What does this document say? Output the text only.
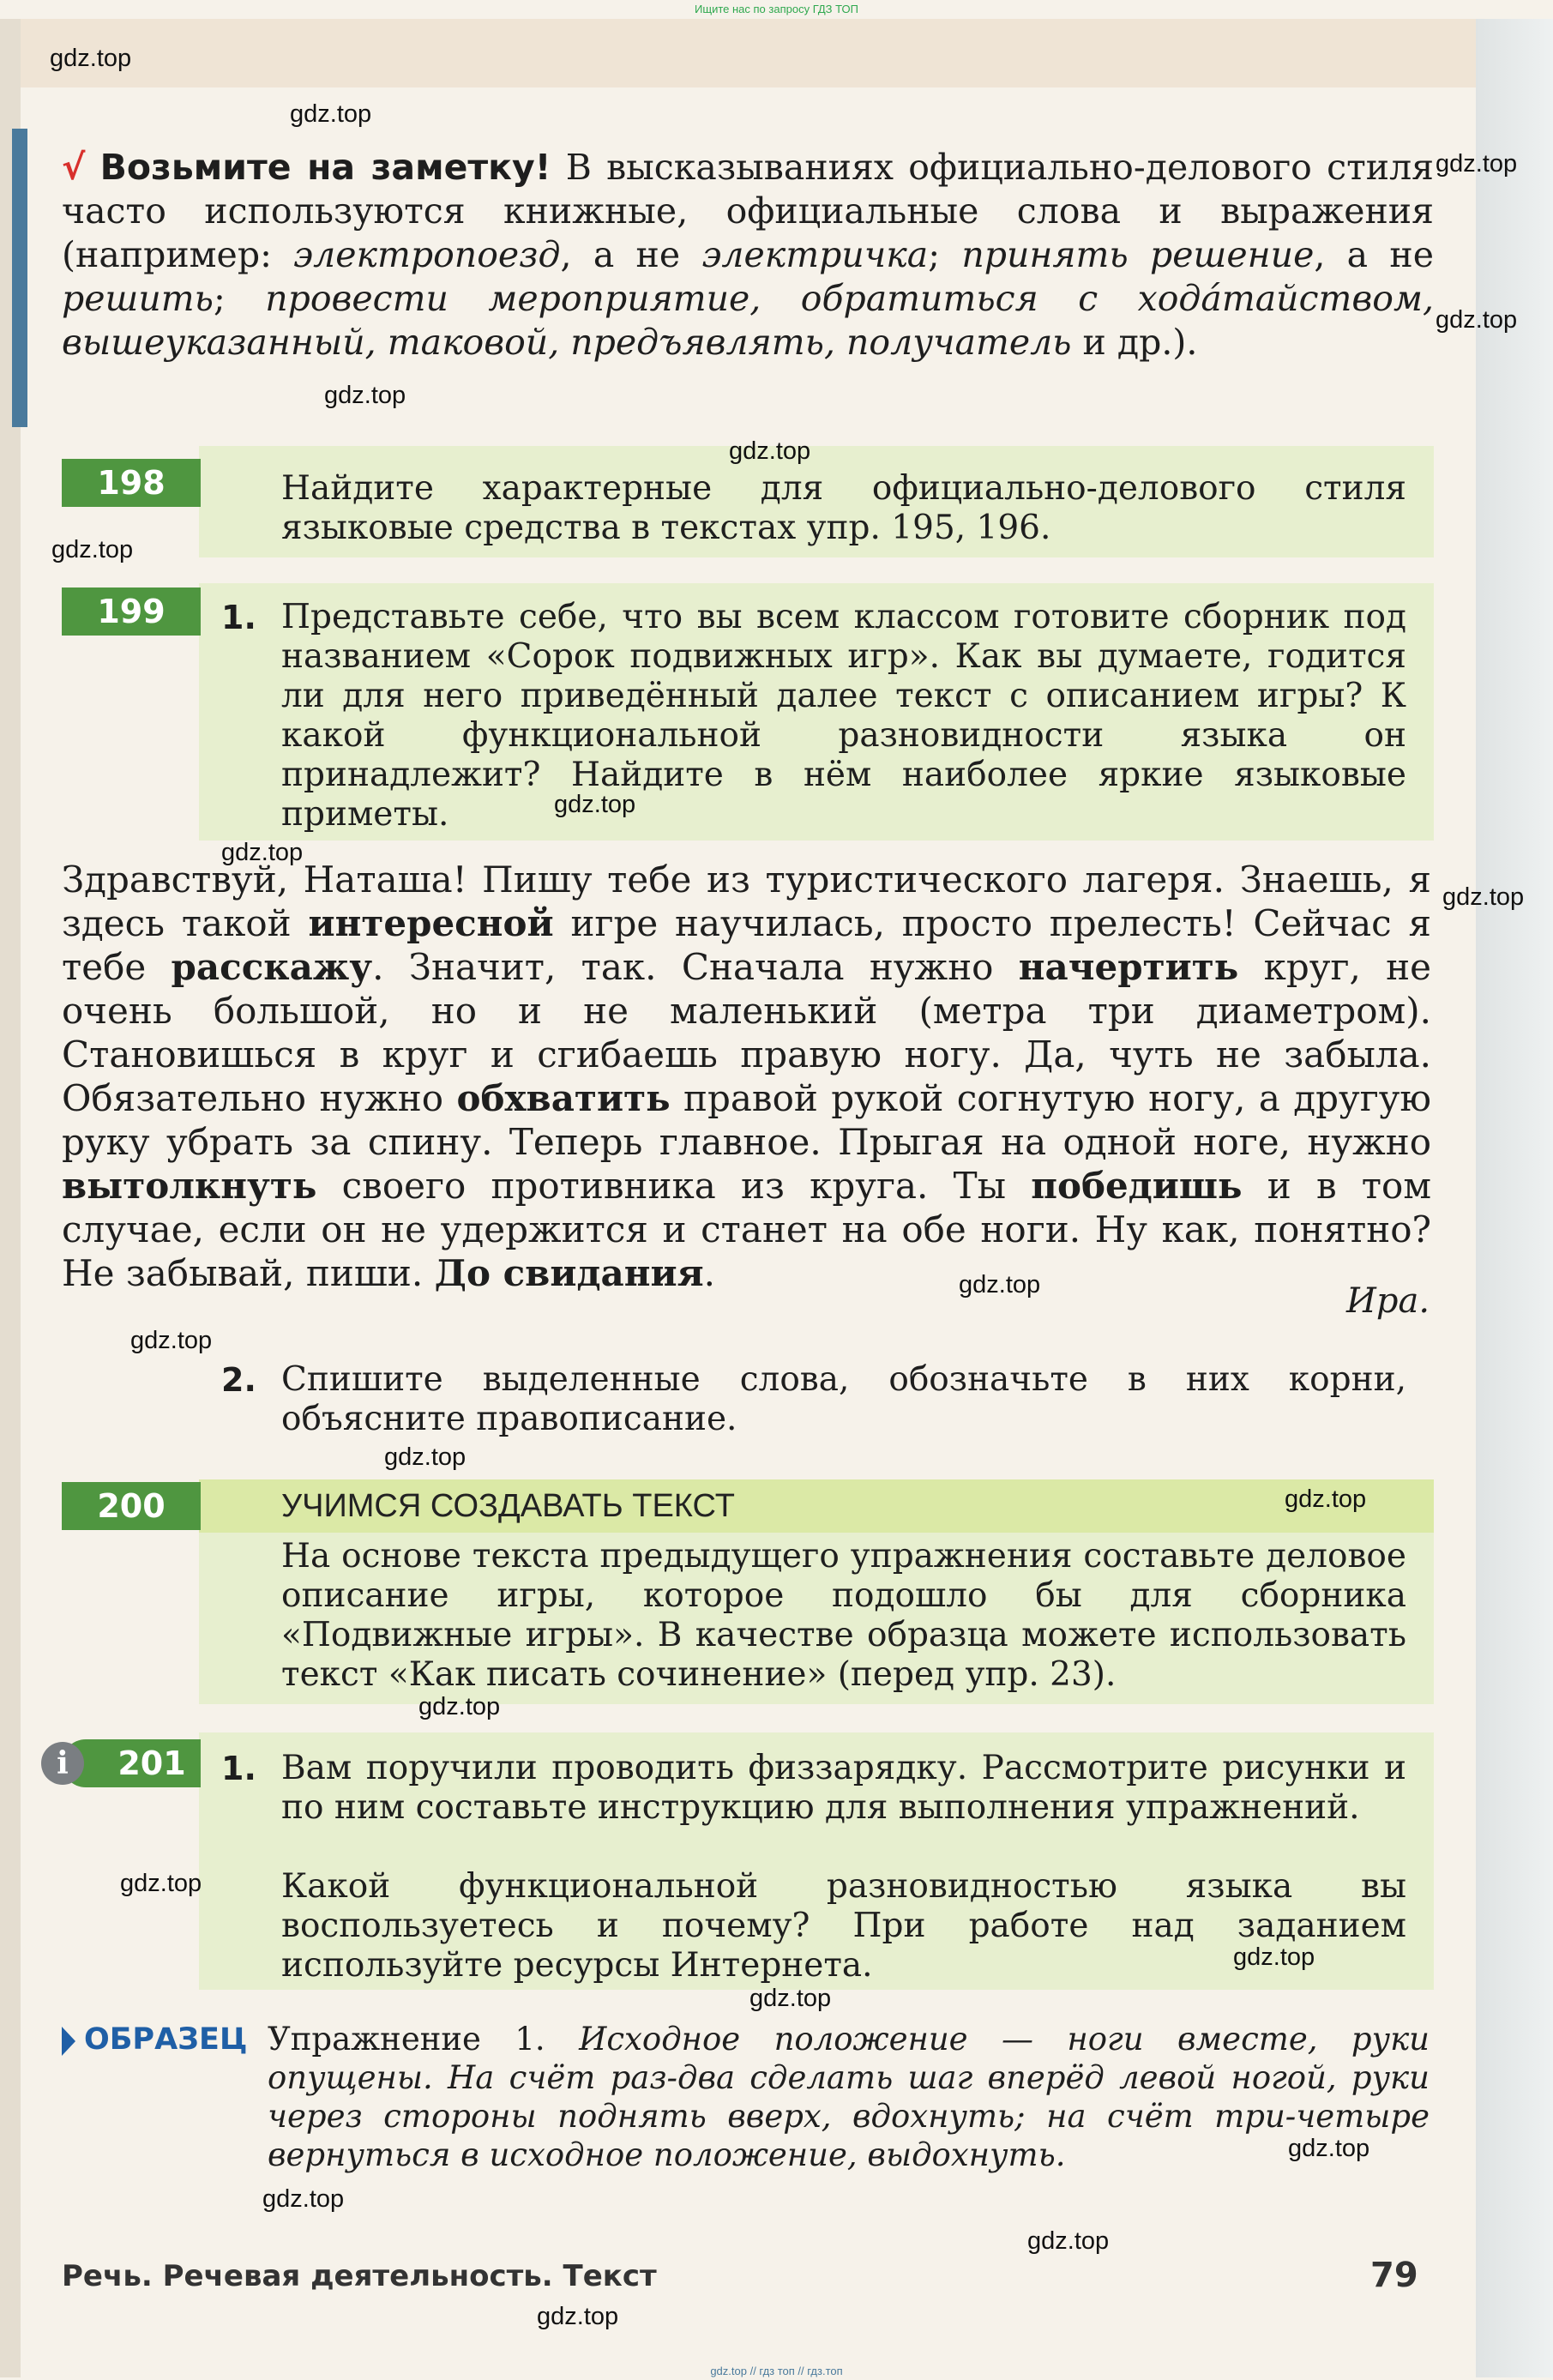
Ищите нас по запросу ГДЗ ТОП
√ Возьмите на заметку! В высказываниях официально-делового стиля часто используются книжные, официальные слова и выражения (например: электропоезд, а не электричка; принять решение, а не решить; провести мероприятие, обратиться с хода́тайством, вышеуказанный, таковой, предъявлять, получатель и др.).
198	Найдите характерные для официально-делового стиля языковые средства в текстах упр. 195, 196.
199	1. Представьте себе, что вы всем классом готовите сборник под названием «Сорок подвижных игр». Как вы думаете, годится ли для него приведённый далее текст с описанием игры? К какой функциональной разновидности языка он принадлежит? Найдите в нём наиболее яркие языковые приметы.
Здравствуй, Наташа! Пишу тебе из туристического лагеря. Знаешь, я здесь такой интересной игре научилась, просто прелесть! Сейчас я тебе расскажу. Значит, так. Сначала нужно начертить круг, не очень большой, но и не маленький (метра три диаметром). Становишься в круг и сгибаешь правую ногу. Да, чуть не забыла. Обязательно нужно обхватить правой рукой согнутую ногу, а другую руку убрать за спину. Теперь главное. Прыгая на одной ноге, нужно вытолкнуть своего противника из круга. Ты победишь и в том случае, если он не удержится и станет на обе ноги. Ну как, понятно? Не забывай, пиши. До свидания.
Ира.
2. Спишите выделенные слова, обозначьте в них корни, объясните правописание.
200	УЧИМСЯ СОЗДАВАТЬ ТЕКСТ
На основе текста предыдущего упражнения составьте деловое описание игры, которое подошло бы для сборника «Подвижные игры». В качестве образца можете использовать текст «Как писать сочинение» (перед упр. 23).
201
i	1. Вам поручили проводить физзарядку. Рассмотрите рисунки и по ним составьте инструкцию для выполнения упражнений.
Какой функциональной разновидностью языка вы воспользуетесь и почему? При работе над заданием используйте ресурсы Интернета.
ОБРАЗЕЦ Упражнение 1. Исходное положение — ноги вместе, руки опущены. На счёт раз-два сделать шаг вперёд левой ногой, руки через стороны поднять вверх, вдохнуть; на счёт три-четыре вернуться в исходное положение, выдохнуть.
Речь. Речевая деятельность. Текст	79
gdz.top // гдз топ // гдз.топ
gdz.top
gdz.top
gdz.top
gdz.top
gdz.top
gdz.top
gdz.top
gdz.top
gdz.top
gdz.top
gdz.top
gdz.top
gdz.top
gdz.top
gdz.top
gdz.top
gdz.top
gdz.top
gdz.top
gdz.top
gdz.top
gdz.top
